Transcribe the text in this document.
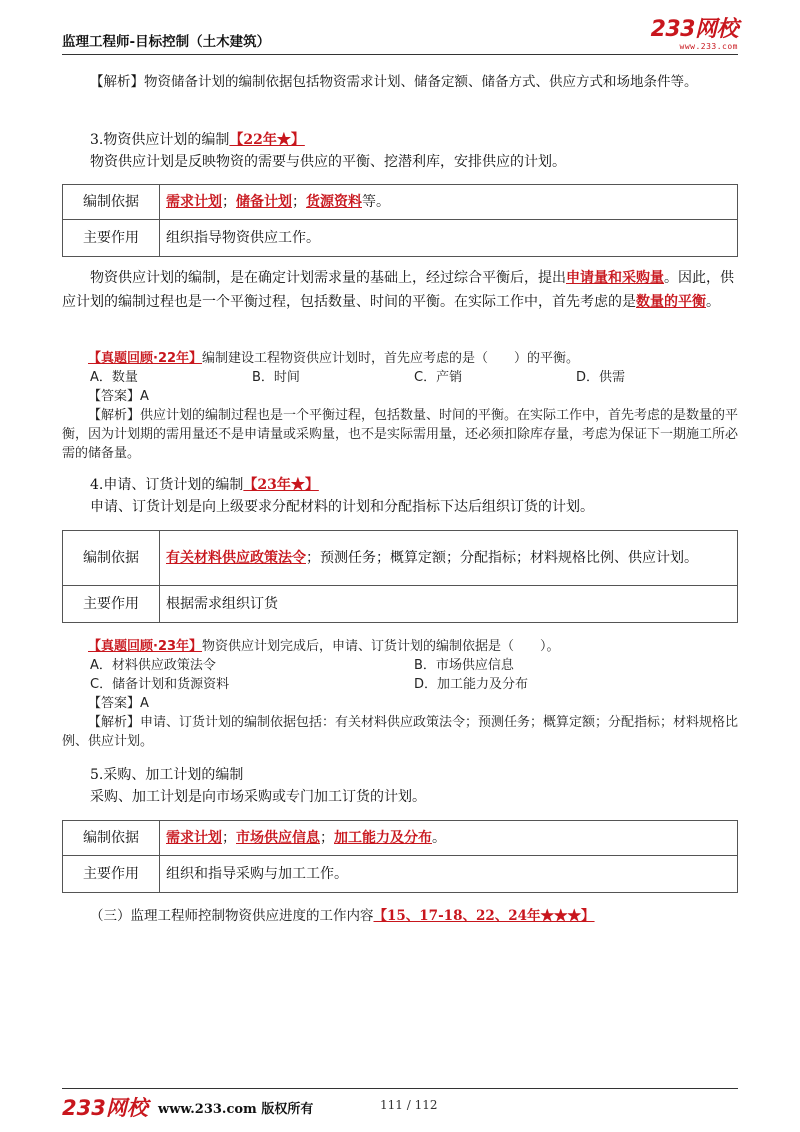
监理工程师-目标控制（土木建筑）	233网校
www.233.com

【解析】物资储备计划的编制依据包括物资需求计划、储备定额、储备方式、供应方式和场地条件等。

3.物资供应计划的编制【22年★】

物资供应计划是反映物资的需要与供应的平衡、挖潜利库，安排供应的计划。

编制依据	需求计划；储备计划；货源资料等。
主要作用	组织指导物资供应工作。

物资供应计划的编制，是在确定计划需求量的基础上，经过综合平衡后，提出申请量和采购量。因此，供应计划的编制过程也是一个平衡过程，包括数量、时间的平衡。在实际工作中，首先考虑的是数量的平衡。

【真题回顾·22年】编制建设工程物资供应计划时，首先应考虑的是（　　）的平衡。
A．数量	B．时间	C．产销	D．供需
【答案】A
【解析】供应计划的编制过程也是一个平衡过程，包括数量、时间的平衡。在实际工作中，首先考虑的是数量的平衡，因为计划期的需用量还不是申请量或采购量，也不是实际需用量，还必须扣除库存量，考虑为保证下一期施工所必需的储备量。

4.申请、订货计划的编制【23年★】

申请、订货计划是向上级要求分配材料的计划和分配指标下达后组织订货的计划。

编制依据	有关材料供应政策法令；预测任务；概算定额；分配指标；材料规格比例、供应计划。
主要作用	根据需求组织订货
【真题回顾·23年】物资供应计划完成后，申请、订货计划的编制依据是（　　）。
A．材料供应政策法令	B．市场供应信息
C．储备计划和货源资料	D．加工能力及分布
【答案】A
【解析】申请、订货计划的编制依据包括：有关材料供应政策法令；预测任务；概算定额；分配指标；材料规格比例、供应计划。

5.采购、加工计划的编制

采购、加工计划是向市场采购或专门加工订货的计划。

编制依据	需求计划；市场供应信息；加工能力及分布。
主要作用	组织和指导采购与加工工作。

（三）监理工程师控制物资供应进度的工作内容【15、17-18、22、24年★★★】

233网校 www.233.com 版权所有	111 / 112
